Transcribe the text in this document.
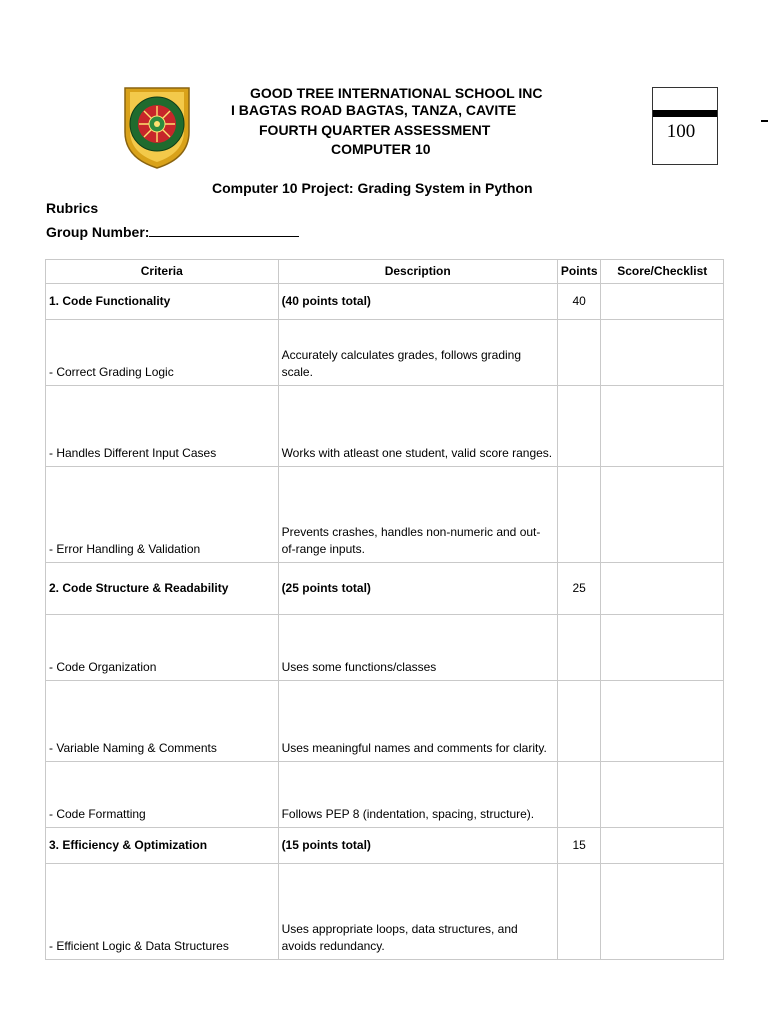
GOOD TREE INTERNATIONAL SCHOOL INC
I BAGTAS ROAD BAGTAS, TANZA, CAVITE
FOURTH QUARTER ASSESSMENT
COMPUTER 10
100
Computer 10 Project: Grading System in Python
Rubrics
Group Number:
Criteria	Description	Points	Score/Checklist
1. Code Functionality	(40 points total)	40	
- Correct Grading Logic	Accurately calculates grades, follows grading scale.		
- Handles Different Input Cases	Works with atleast one student, valid score ranges.		
- Error Handling & Validation	Prevents crashes, handles non-numeric and out-of-range inputs.		
2. Code Structure & Readability	(25 points total)	25	
- Code Organization	Uses some functions/classes		
- Variable Naming & Comments	Uses meaningful names and comments for clarity.		
- Code Formatting	Follows PEP 8 (indentation, spacing, structure).		
3. Efficiency & Optimization	(15 points total)	15	
- Efficient Logic & Data Structures	Uses appropriate loops, data structures, and avoids redundancy.		
